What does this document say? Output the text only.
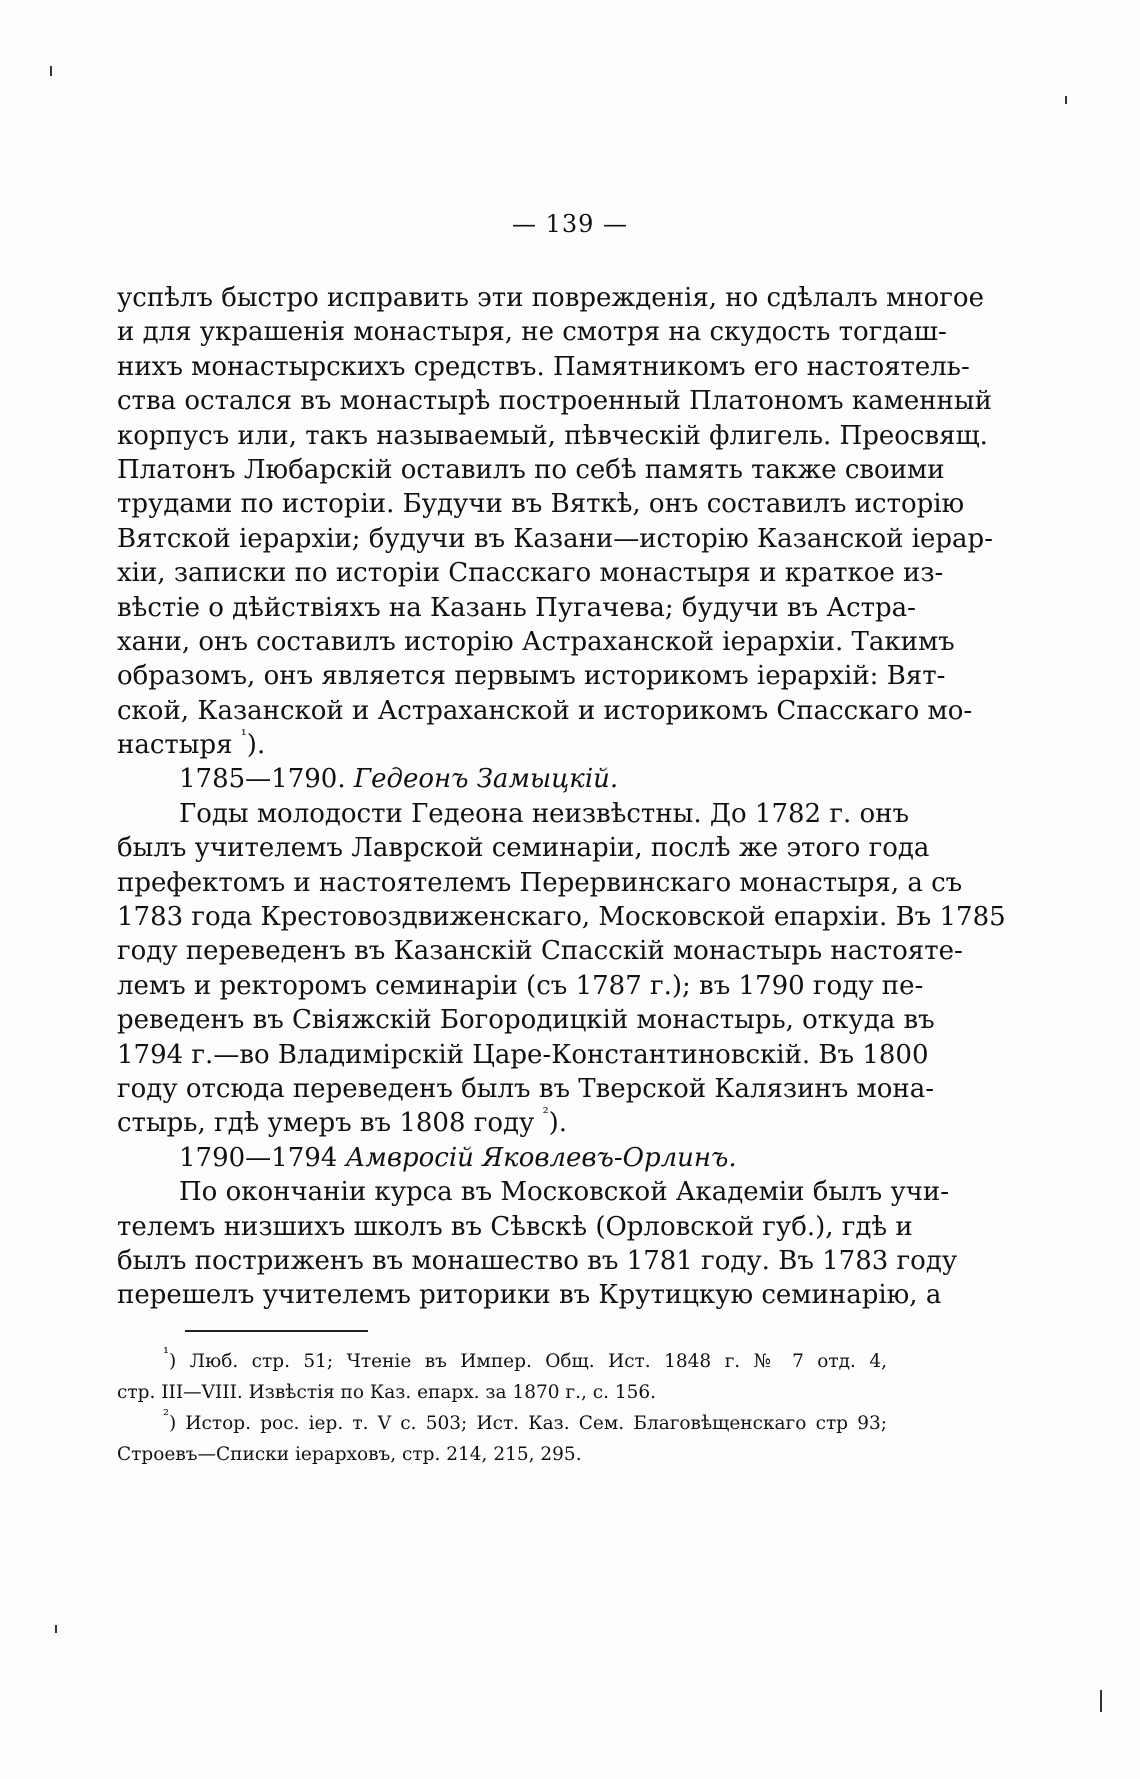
— 139 —
успѣлъ быстро исправить эти поврежденія, но сдѣлалъ многое
и для украшенія монастыря, не смотря на скудость тогдаш-
нихъ монастырскихъ средствъ. Памятникомъ его настоятель-
ства остался въ монастырѣ построенный Платономъ каменный
корпусъ или, такъ называемый, пѣвческій флигель. Преосвящ.
Платонъ Любарскій оставилъ по себѣ память также своими
трудами по исторіи. Будучи въ Вяткѣ, онъ составилъ исторію
Вятской іерархіи; будучи въ Казани—исторію Казанской іерар-
хіи, записки по исторіи Спасскаго монастыря и краткое из-
вѣстіе о дѣйствіяхъ на Казань Пугачева; будучи въ Астра-
хани, онъ составилъ исторію Астраханской іерархіи. Такимъ
образомъ, онъ является первымъ историкомъ іерархій: Вят-
ской, Казанской и Астраханской и историкомъ Спасскаго мо-
настыря $^{^1}$).
1785—1790. Гедеонъ Замыцкій.
Годы молодости Гедеона неизвѣстны. До 1782 г. онъ
былъ учителемъ Лаврской семинаріи, послѣ же этого года
префектомъ и настоятелемъ Перервинскаго монастыря, а съ
1783 года Крестовоздвиженскаго, Московской епархіи. Въ 1785
году переведенъ въ Казанскій Спасскій монастырь настояте-
лемъ и ректоромъ семинаріи (съ 1787 г.); въ 1790 году пе-
реведенъ въ Свіяжскій Богородицкій монастырь, откуда въ
1794 г.—во Владимірскій Царе-Константиновскій. Въ 1800
году отсюда переведенъ былъ въ Тверской Калязинъ мона-
стырь, гдѣ умеръ въ 1808 году $^{^2}$).
1790—1794 Амвросій Яковлевъ-Орлинъ.
По окончаніи курса въ Московской Академіи былъ учи-
телемъ низшихъ школъ въ Сѣвскѣ (Орловской губ.), гдѣ и
былъ постриженъ въ монашество въ 1781 году. Въ 1783 году
перешелъ учителемъ риторики въ Крутицкую семинарію, а
$^{^1}$) Люб. стр. 51; Чтеніе въ Импер. Общ. Ист. 1848 г. № 7 отд. 4,
стр. III—VIII. Извѣстія по Каз. епарх. за 1870 г., с. 156.
$^{^2}$) Истор. рос. іер. т. V с. 503; Ист. Каз. Сем. Благовѣщенскаго стр 93;
Строевъ—Списки іерарховъ, стр. 214, 215, 295.
